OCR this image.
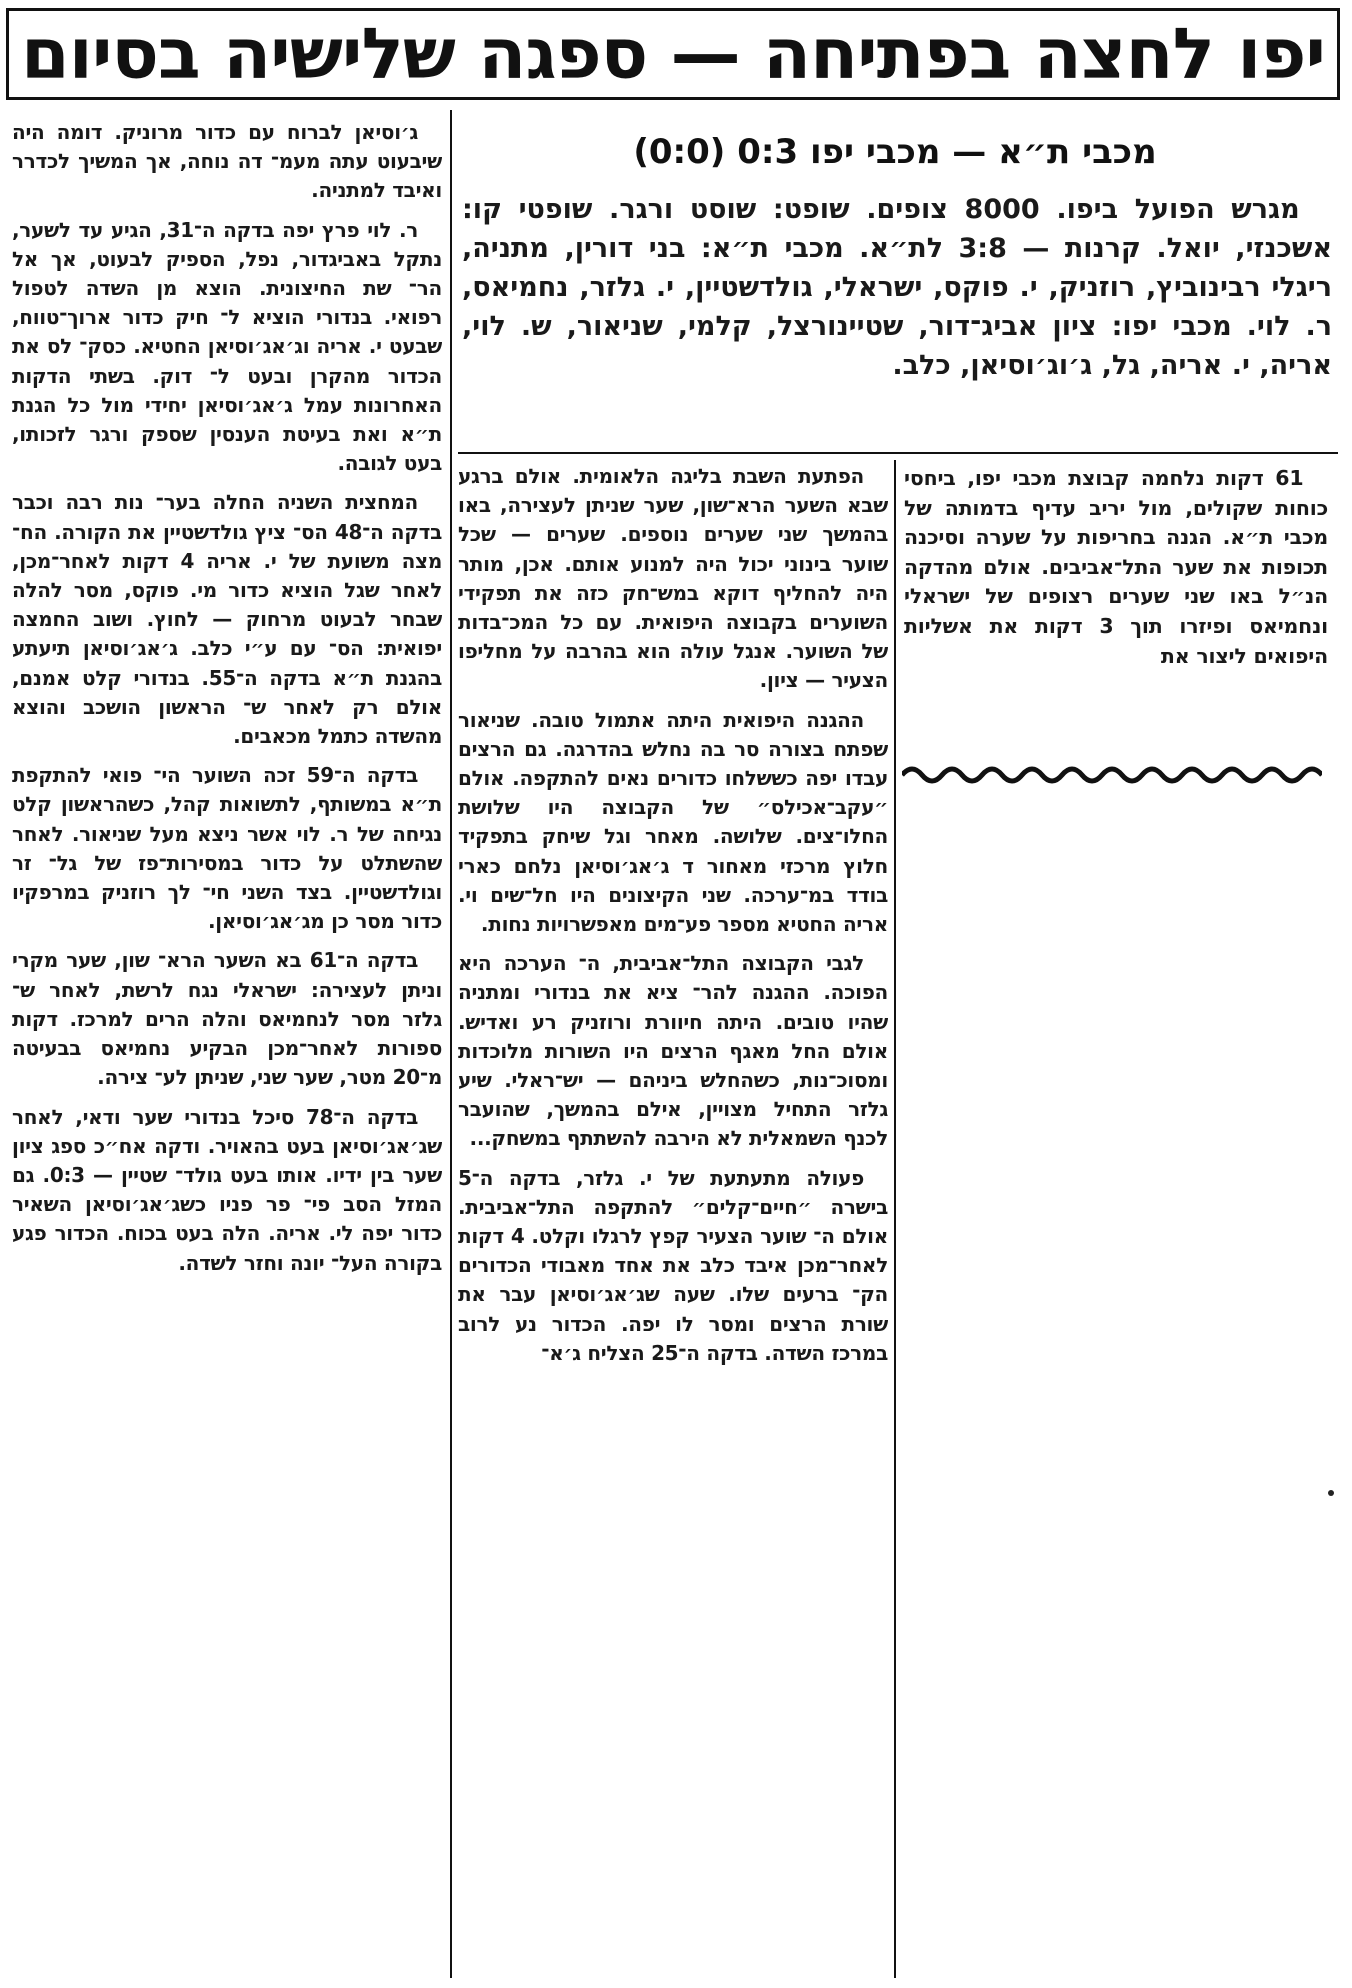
יפו לחצה בפתיחה — ספגה שלישיה בסיום
מכבי ת״א — מכבי יפו 0:3 (0:0)

מגרש הפועל ביפו. 8000 צופים. שופט: שוסט ורגר. שופטי קו: אשכנזי, יואל. קרנות — 3:8 לת״א. מכבי ת״א: בני דורין, מתניה, ריגלי רבינוביץ, רוזניק, י. פוקס, ישראלי, גולדשטיין, י. גלזר, נחמיאס, ר. לוי. מכבי יפו: ציון אביג־דור, שטיינורצל, קלמי, שניאור, ש. לוי, אריה, י. אריה, גל, ג׳וג׳וסיאן, כלב.

61 דקות נלחמה קבוצת מכבי יפו, ביחסי כוחות שקולים, מול יריב עדיף בדמותה של מכבי ת״א. הגנה בחריפות על שערה וסיכנה תכופות את שער התל־אביבים. אולם מהדקה הנ״ל באו שני שערים רצופים של ישראלי ונחמיאס ופיזרו תוך 3 דקות את אשליות היפואים ליצור את

הפתעת השבת בליגה הלאומית. אולם ברגע שבא השער הרא־שון, שער שניתן לעצירה, באו בהמשך שני שערים נוספים. שערים — שכל שוער בינוני יכול היה למנוע אותם. אכן, מותר היה להחליף דוקא במש־חק כזה את תפקידי השוערים בקבוצה היפואית. עם כל המכ־בדות של השוער. אנגל עולה הוא בהרבה על מחליפו הצעיר — ציון.

ההגנה היפואית היתה אתמול טובה. שניאור שפתח בצורה סר בה נחלש בהדרגה. גם הרצים עבדו יפה כששלחו כדורים נאים להתקפה. אולם ״עקב־אכילס״ של הקבוצה היו שלושת החלו־צים. שלושה. מאחר וגל שיחק בתפקיד חלוץ מרכזי מאחור ד ג׳אג׳וסיאן נלחם כארי בודד במ־ערכה. שני הקיצונים היו חל־שים וי. אריה החטיא מספר פע־מים מאפשרויות נחות.

לגבי הקבוצה התל־אביבית, ה־ הערכה היא הפוכה. ההגנה להר־ ציא את בנדורי ומתניה שהיו טובים. היתה חיוורת ורוזניק רע ואדיש. אולם החל מאגף הרצים היו השורות מלוכדות ומסוכ־נות, כשהחלש ביניהם — יש־ראלי. שיע גלזר התחיל מצויין, אילם בהמשך, שהועבר לכנף השמאלית לא הירבה להשתתף במשחק...

פעולה מתעתעת של י. גלזר, בדקה ה־5 בישרה ״חיים־קלים״ להתקפה התל־אביבית. אולם ה־ שוער הצעיר קפץ לרגלו וקלט. 4 דקות לאחר־מכן איבד כלב את אחד מאבודי הכדורים הק־ ברעים שלו. שעה שג׳אג׳וסיאן עבר את שורת הרצים ומסר לו יפה. הכדור נע לרוב במרכז השדה. בדקה ה־25 הצליח ג׳א־

ג׳וסיאן לברוח עם כדור מרוניק. דומה היה שיבעוט עתה מעמ־ דה נוחה, אך המשיך לכדרר ואיבד למתניה.

ר. לוי פרץ יפה בדקה ה־31, הגיע עד לשער, נתקל באביגדור, נפל, הספיק לבעוט, אך אל הר־ שת החיצונית. הוצא מן השדה לטפול רפואי. בנדורי הוציא ל־ חיק כדור ארוך־טווח, שבעט י. אריה וג׳אג׳וסיאן החטיא. כסק־ לס את הכדור מהקרן ובעט ל־ דוק. בשתי הדקות האחרונות עמל ג׳אג׳וסיאן יחידי מול כל הגנת ת״א ואת בעיטת הענסין שספק ורגר לזכותו, בעט לגובה.

המחצית השניה החלה בער־ נות רבה וכבר בדקה ה־48 הס־ ציץ גולדשטיין את הקורה. הח־ מצה משועת של י. אריה 4 דקות לאחר־מכן, לאחר שגל הוציא כדור מי. פוקס, מסר להלה שבחר לבעוט מרחוק — לחוץ. ושוב החמצה יפואית: הס־ עם ע״י כלב. ג׳אג׳וסיאן תיעתע בהגנת ת״א בדקה ה־55. בנדורי קלט אמנם, אולם רק לאחר ש־ הראשון הושכב והוצא מהשדה כתמל מכאבים.

בדקה ה־59 זכה השוער הי־ פואי להתקפת ת״א במשותף, לתשואות קהל, כשהראשון קלט נגיחה של ר. לוי אשר ניצא מעל שניאור. לאחר שהשתלט על כדור במסירות־פז של גל־ זר וגולדשטיין. בצד השני חי־ לך רוזניק במרפקיו כדור מסר כן מג׳אג׳וסיאן.

בדקה ה־61 בא השער הרא־ שון, שער מקרי וניתן לעצירה: ישראלי נגח לרשת, לאחר ש־ גלזר מסר לנחמיאס והלה הרים למרכז. דקות ספורות לאחר־מכן הבקיע נחמיאס בבעיטה מ־20 מטר, שער שני, שניתן לע־ צירה.

בדקה ה־78 סיכל בנדורי שער ודאי, לאחר שג׳אג׳וסיאן בעט בהאויר. ודקה אח״כ ספג ציון שער בין ידיו. אותו בעט גולד־ שטיין — 0:3. גם המזל הסב פי־ פר פניו כשג׳אג׳וסיאן השאיר כדור יפה לי. אריה. הלה בעט בכוח. הכדור פגע בקורה העל־ יונה וחזר לשדה.
